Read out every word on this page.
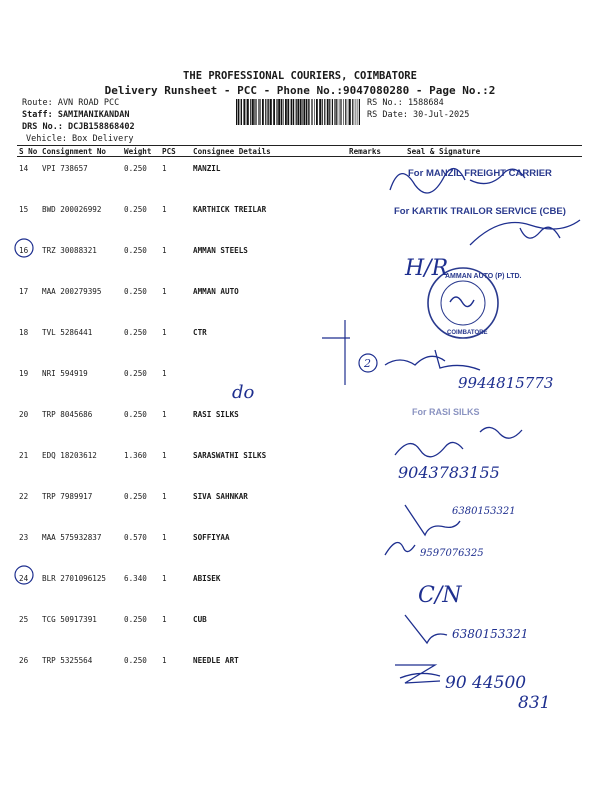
THE PROFESSIONAL COURIERS, COIMBATORE
Delivery Runsheet - PCC - Phone No.:9047080280 - Page No.:2
Route: AVN ROAD PCC
Staff: SAMIMANIKANDAN
DRS No.: DCJB158868402
Vehicle: Box Delivery
RS No.: 1588684
RS Date: 30-Jul-2025
S No	Consignment No	Weight	PCS	Consignee Details	Remarks	Seal & Signature
14	VPI 738657	0.250	1	MANZIL		
15	BWD 200026992	0.250	1	KARTHICK TREILAR		
16	TRZ 30088321	0.250	1	AMMAN STEELS		
17	MAA 200279395	0.250	1	AMMAN AUTO		
18	TVL 5286441	0.250	1	CTR		
19	NRI 594919	0.250	1			
20	TRP 8045686	0.250	1	RASI SILKS		
21	EDQ 18203612	1.360	1	SARASWATHI SILKS		
22	TRP 7989917	0.250	1	SIVA SAHNKAR		
23	MAA 575932837	0.570	1	SOFFIYAA		
24	BLR 2701096125	6.340	1	ABISEK		
25	TCG 50917391	0.250	1	CUB		
26	TRP 5325564	0.250	1	NEEDLE ART		
For MANZIL FREIGHT CARRIER
For KARTIK TRAILOR SERVICE (CBE)
AMMAN AUTO (P) LTD.
COIMBATORE
For RASI SILKS
H/R
2
do	9944815773
9043783155
6380153321
9597076325
C/N
6380153321
90 44500
831
